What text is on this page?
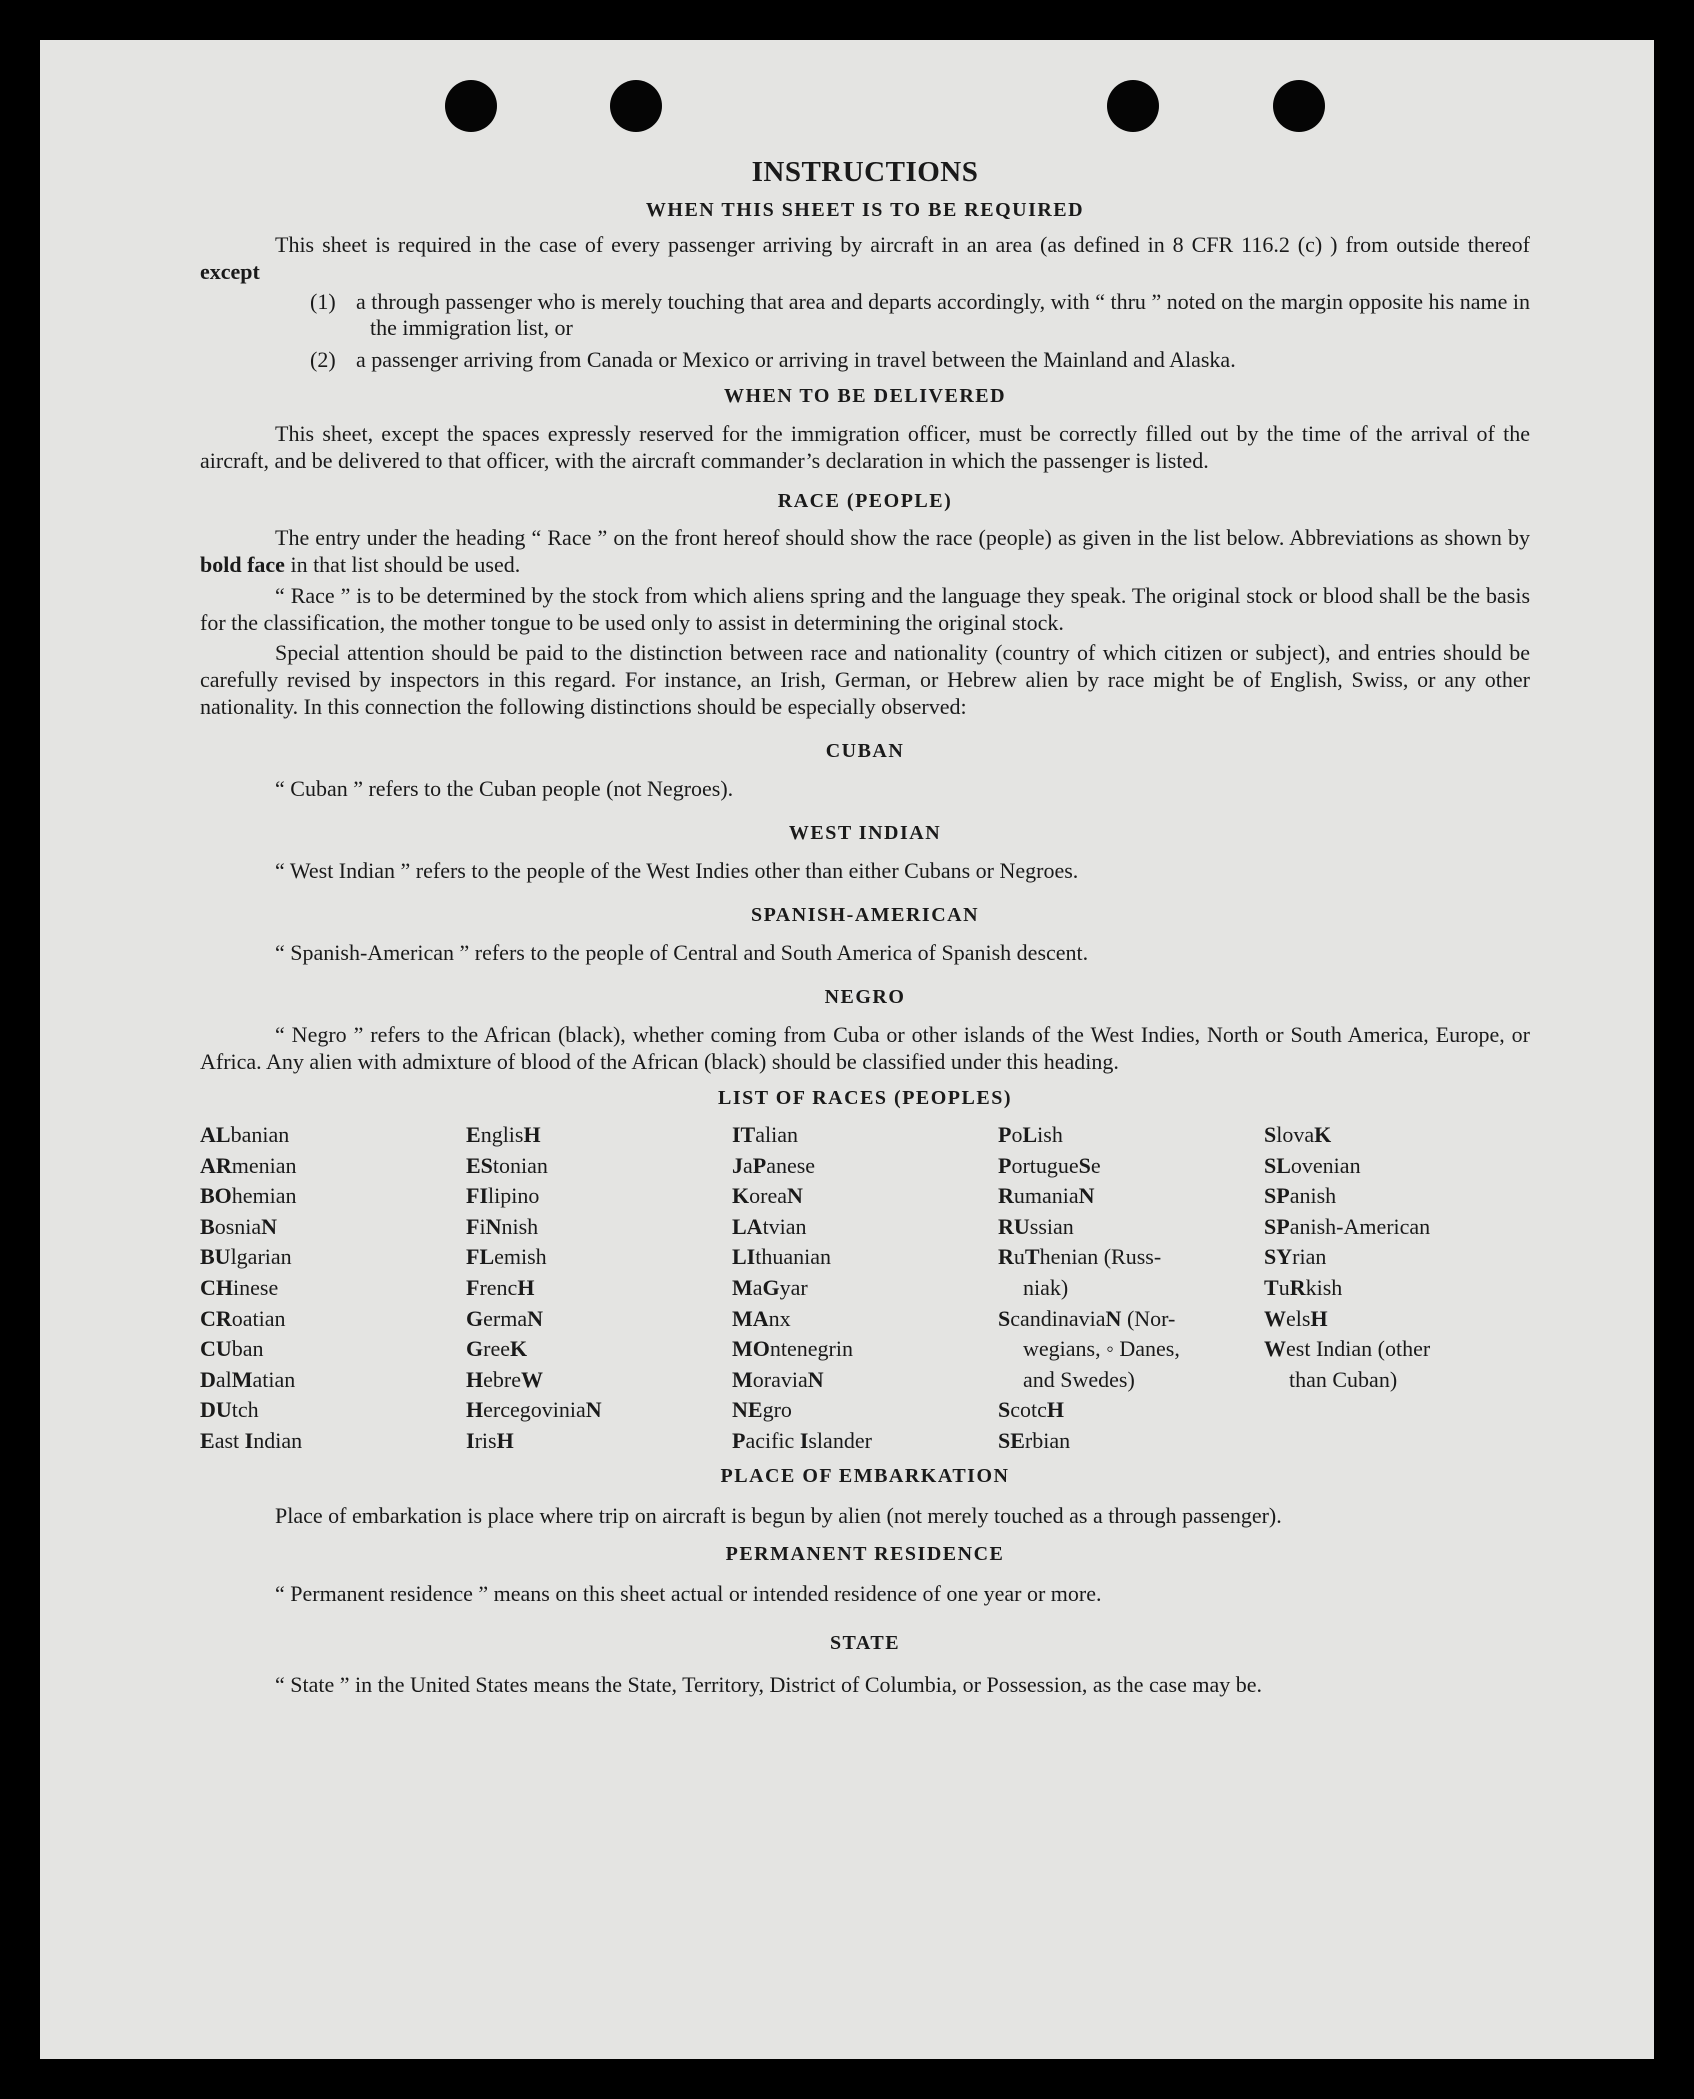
INSTRUCTIONS
WHEN THIS SHEET IS TO BE REQUIRED

This sheet is required in the case of every passenger arriving by aircraft in an area (as defined in 8 CFR 116.2 (c) ) from outside thereof except

(1) a through passenger who is merely touching that area and departs accordingly, with “ thru ” noted on the margin opposite his name in the immigration list, or

(2) a passenger arriving from Canada or Mexico or arriving in travel between the Mainland and Alaska.

WHEN TO BE DELIVERED

This sheet, except the spaces expressly reserved for the immigration officer, must be correctly filled out by the time of the arrival of the aircraft, and be delivered to that officer, with the aircraft commander’s declaration in which the passenger is listed.

RACE (PEOPLE)

The entry under the heading “ Race ” on the front hereof should show the race (people) as given in the list below. Abbreviations as shown by bold face in that list should be used.

“ Race ” is to be determined by the stock from which aliens spring and the language they speak. The original stock or blood shall be the basis for the classification, the mother tongue to be used only to assist in determining the original stock.

Special attention should be paid to the distinction between race and nationality (country of which citizen or subject), and entries should be carefully revised by inspectors in this regard. For instance, an Irish, German, or Hebrew alien by race might be of English, Swiss, or any other nationality. In this connection the following distinctions should be especially observed:

CUBAN

“ Cuban ” refers to the Cuban people (not Negroes).

WEST INDIAN

“ West Indian ” refers to the people of the West Indies other than either Cubans or Negroes.

SPANISH-AMERICAN

“ Spanish-American ” refers to the people of Central and South America of Spanish descent.

NEGRO

“ Negro ” refers to the African (black), whether coming from Cuba or other islands of the West Indies, North or South America, Europe, or Africa. Any alien with admixture of blood of the African (black) should be classified under this heading.

LIST OF RACES (PEOPLES)
ALbanian
ARmenian
BOhemian
BosniaN
BUlgarian
CHinese
CRoatian
CUban
DalMatian
DUtch
East Indian
EnglisH
EStonian
FIlipino
FiNnish
FLemish
FrencH
GermaN
GreeK
HebreW
HercegoviniaN
IrisH
ITalian
JaPanese
KoreaN
LAtvian
LIthuanian
MaGyar
MAnx
MOntenegrin
MoraviaN
NEgro
Pacific Islander
PoLish
PortugueSe
RumaniaN
RUssian
RuThenian (Russ-
niak)
ScandinaviaN (Nor-
wegians, ◦ Danes,
and Swedes)
ScotcH
SErbian
SlovaK
SLovenian
SPanish
SPanish-American
SYrian
TuRkish
WelsH
West Indian (other
than Cuban)
PLACE OF EMBARKATION

Place of embarkation is place where trip on aircraft is begun by alien (not merely touched as a through passenger).

PERMANENT RESIDENCE

“ Permanent residence ” means on this sheet actual or intended residence of one year or more.

STATE

“ State ” in the United States means the State, Territory, District of Columbia, or Possession, as the case may be.
